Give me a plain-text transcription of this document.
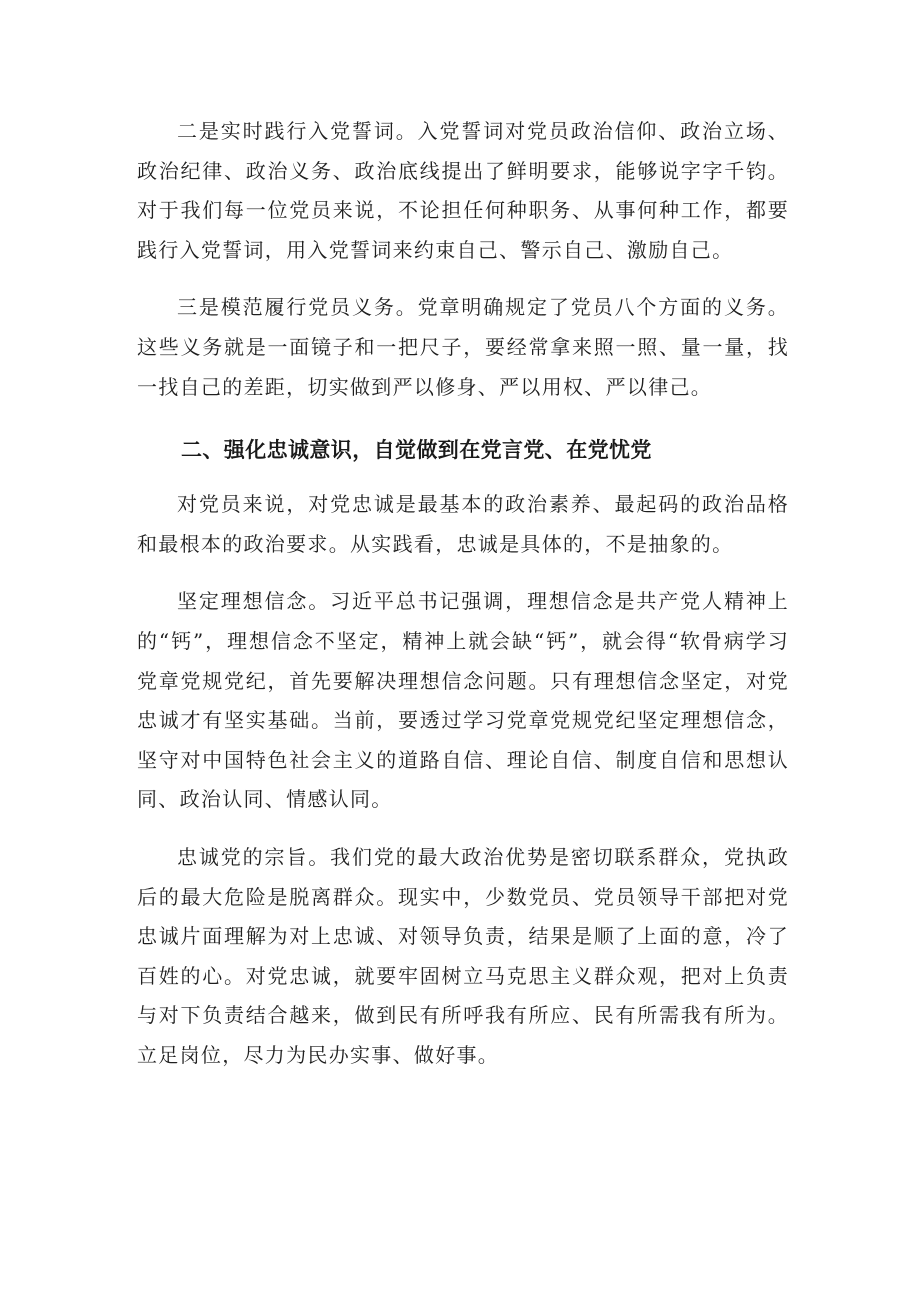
二是实时践行入党誓词。入党誓词对党员政治信仰、政治立场、政治纪律、政治义务、政治底线提出了鲜明要求，能够说字字千钧。对于我们每一位党员来说，不论担任何种职务、从事何种工作，都要践行入党誓词，用入党誓词来约束自己、警示自己、激励自己。

三是模范履行党员义务。党章明确规定了党员八个方面的义务。这些义务就是一面镜子和一把尺子，要经常拿来照一照、量一量，找一找自己的差距，切实做到严以修身、严以用权、严以律己。

二、强化忠诚意识，自觉做到在党言党、在党忧党

对党员来说，对党忠诚是最基本的政治素养、最起码的政治品格和最根本的政治要求。从实践看，忠诚是具体的，不是抽象的。

坚定理想信念。习近平总书记强调，理想信念是共产党人精神上的“钙”，理想信念不坚定，精神上就会缺“钙”，就会得“软骨病学习党章党规党纪，首先要解决理想信念问题。只有理想信念坚定，对党忠诚才有坚实基础。当前，要透过学习党章党规党纪坚定理想信念，坚守对中国特色社会主义的道路自信、理论自信、制度自信和思想认同、政治认同、情感认同。

忠诚党的宗旨。我们党的最大政治优势是密切联系群众，党执政后的最大危险是脱离群众。现实中，少数党员、党员领导干部把对党忠诚片面理解为对上忠诚、对领导负责，结果是顺了上面的意，冷了百姓的心。对党忠诚，就要牢固树立马克思主义群众观，把对上负责与对下负责结合越来，做到民有所呼我有所应、民有所需我有所为。立足岗位，尽力为民办实事、做好事。
